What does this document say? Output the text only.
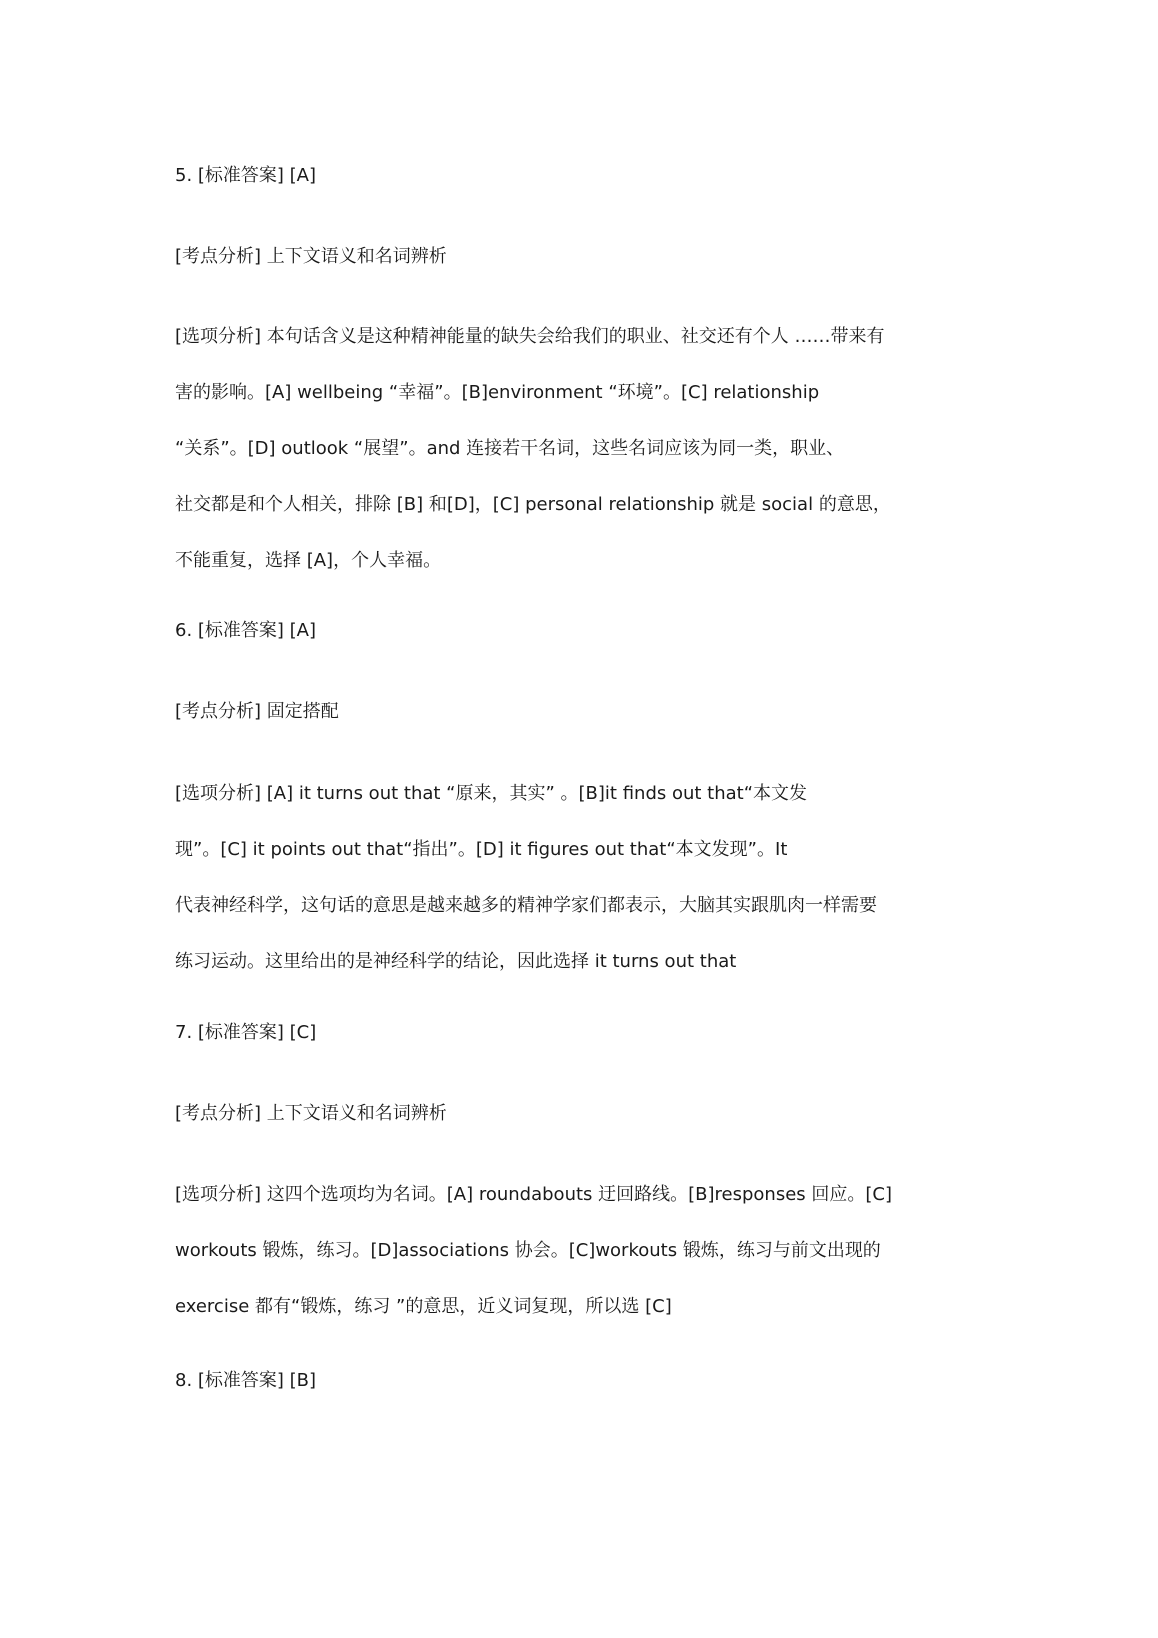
5. [标准答案] [A]
[考点分析] 上下文语义和名词辨析
[选项分析] 本句话含义是这种精神能量的缺失会给我们的职业、社交还有个人 ……带来有
害的影响。[A] wellbeing “幸福”。[B]environment “环境”。[C] relationship
“关系”。[D] outlook “展望”。and 连接若干名词，这些名词应该为同一类，职业、
社交都是和个人相关，排除 [B] 和[D]，[C] personal relationship 就是 social 的意思，
不能重复，选择 [A]，个人幸福。
6. [标准答案] [A]
[考点分析] 固定搭配
[选项分析] [A] it turns out that “原来，其实” 。[B]it finds out that“本文发
现”。[C] it points out that“指出”。[D] it figures out that“本文发现”。It
代表神经科学，这句话的意思是越来越多的精神学家们都表示，大脑其实跟肌肉一样需要
练习运动。这里给出的是神经科学的结论，因此选择 it turns out that
7. [标准答案] [C]
[考点分析] 上下文语义和名词辨析
[选项分析] 这四个选项均为名词。[A] roundabouts 迂回路线。[B]responses 回应。[C]
workouts 锻炼，练习。[D]associations 协会。[C]workouts 锻炼，练习与前文出现的
exercise 都有“锻炼，练习 ”的意思，近义词复现，所以选 [C]
8. [标准答案] [B]
